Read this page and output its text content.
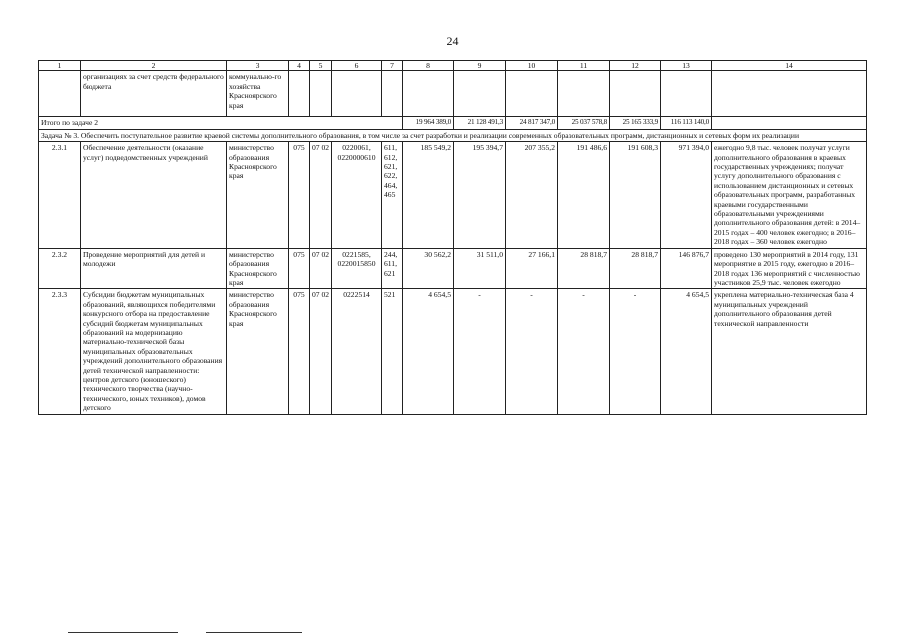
24
1	2	3	4	5	6	7	8	9	10	11	12	13	14
	организациях за счет средств федерального бюджета	коммунально-го хозяйства Красноярского края											
Итого по задаче 2							19 964 389,0	21 128 491,3	24 817 347,0	25 037 578,8	25 165 333,9	116 113 140,0	
Задача № 3. Обеспечить поступательное развитие краевой системы дополнительного образования, в том числе за счет разработки и реализации современных образовательных программ, дистанционных и сетевых форм их реализации													
2.3.1	Обеспечение деятельности (оказание услуг) подведомственных учреждений	министерство образования Красноярского края	075	07 02	0220061, 0220000610	611, 612, 621, 622, 464, 465	185 549,2	195 394,7	207 355,2	191 486,6	191 608,3	971 394,0	ежегодно 9,8 тыс. человек получат услуги дополнительного образования в краевых государственных учреждениях; получат услугу дополнительного образования с использованием дистанционных и сетевых образовательных программ, разработанных краевыми государственными образовательными учреждениями дополнительного образования детей: в 2014–2015 годах – 400 человек ежегодно; в 2016–2018 годах – 360 человек ежегодно
2.3.2	Проведение мероприятий для детей и молодежи	министерство образования Красноярского края	075	07 02	0221585, 0220015850	244, 611, 621	30 562,2	31 511,0	27 166,1	28 818,7	28 818,7	146 876,7	проведено 130 мероприятий в 2014 году, 131 мероприятие в 2015 году, ежегодно в 2016–2018 годах 136 мероприятий с численностью участников 25,9 тыс. человек ежегодно
2.3.3	Субсидии бюджетам муниципальных образований, являющихся победителями конкурсного отбора на предоставление субсидий бюджетам муниципальных образований на модернизацию материально-технической базы муниципальных образовательных учреждений дополнительного образования детей технической направленности: центров детского (юношеского) технического творчества (научно-технического, юных техников), домов детского	министерство образования Красноярского края	075	07 02	0222514	521	4 654,5	-	-	-	-	4 654,5	укреплена материально-техническая база 4 муниципальных учреждений дополнительного образования детей технической направленности
